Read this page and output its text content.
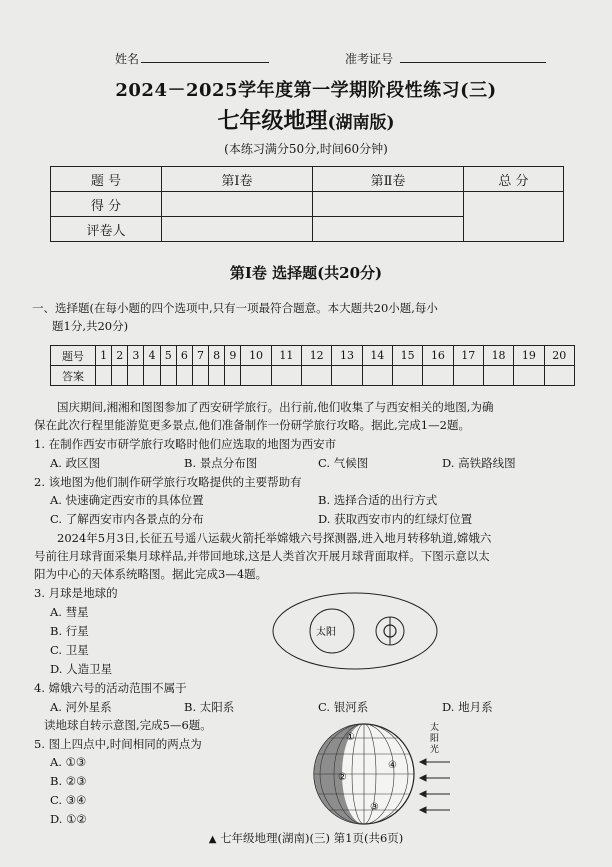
姓名	准考证号
2024－2025学年度第一学期阶段性练习(三)
七年级地理(湖南版)
(本练习满分50分,时间60分钟)
题 号	第Ⅰ卷	第Ⅱ卷	总 分
得 分			
评卷人			
第Ⅰ卷 选择题(共20分)
一、选择题(在每小题的四个选项中,只有一项最符合题意。本大题共20小题,每小
题1分,共20分)
题号	1	2	3	4	5	6	7	8	9	10	11	12	13	14	15	16	17	18	19	20
答案																				
国庆期间,湘湘和图图参加了西安研学旅行。出行前,他们收集了与西安相关的地图,为确
保在此次行程里能游览更多景点,他们准备制作一份研学旅行攻略。据此,完成1—2题。
1. 在制作西安市研学旅行攻略时他们应选取的地图为西安市
A. 政区图	B. 景点分布图	C. 气候图	D. 高铁路线图
2. 该地图为他们制作研学旅行攻略提供的主要帮助有
A. 快速确定西安市的具体位置	B. 选择合适的出行方式
C. 了解西安市内各景点的分布	D. 获取西安市内的红绿灯位置
2024年5月3日,长征五号遥八运载火箭托举嫦娥六号探测器,进入地月转移轨道,嫦娥六
号前往月球背面采集月球样品,并带回地球,这是人类首次开展月球背面取样。下图示意以太
阳为中心的天体系统略图。据此完成3—4题。
3. 月球是地球的
A. 彗星
B. 行星
C. 卫星
D. 人造卫星
太阳
4. 嫦娥六号的活动范围不属于
A. 河外星系	B. 太阳系	C. 银河系	D. 地月系
读地球自转示意图,完成5—6题。
5. 图上四点中,时间相同的两点为
A. ①③
B. ②③
C. ③④
D. ①②
①
②
③
④
太
阳
光
▲ 七年级地理(湖南)(三) 第1页(共6页)
